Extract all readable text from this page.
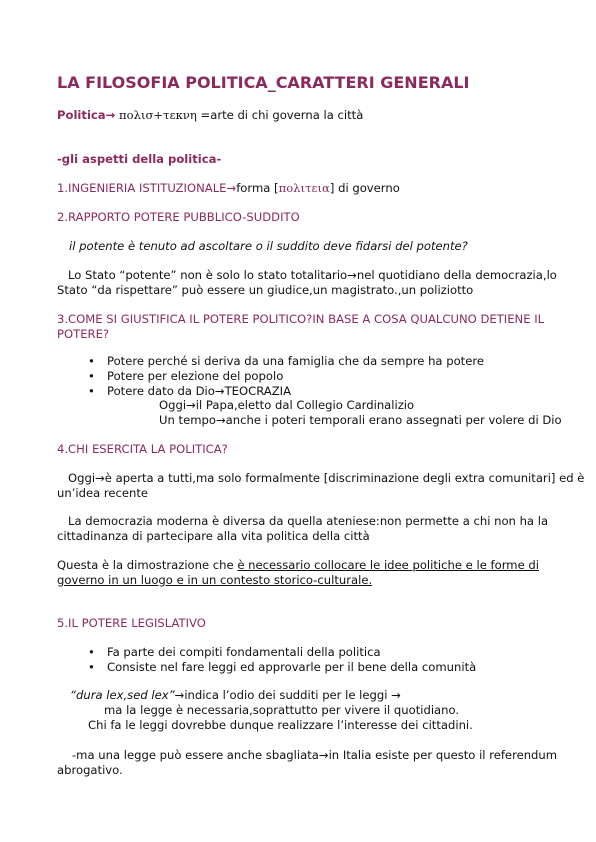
LA FILOSOFIA POLITICA_CARATTERI GENERALI
Politica→ πολισ+τεκνη =arte di chi governa la città
-gli aspetti della politica-
1.INGENIERIA ISTITUZIONALE→forma [πολιτεια] di governo
2.RAPPORTO POTERE PUBBLICO-SUDDITO
il potente è tenuto ad ascoltare o il suddito deve fidarsi del potente?
Lo Stato “potente” non è solo lo stato totalitario→nel quotidiano della democrazia,lo
Stato “da rispettare” può essere un giudice,un magistrato.,un poliziotto
3.COME SI GIUSTIFICA IL POTERE POLITICO?IN BASE A COSA QUALCUNO DETIENE IL
POTERE?
• Potere perché si deriva da una famiglia che da sempre ha potere
• Potere per elezione del popolo
• Potere dato da Dio→TEOCRAZIA
Oggi→il Papa,eletto dal Collegio Cardinalizio
Un tempo→anche i poteri temporali erano assegnati per volere di Dio
4.CHI ESERCITA LA POLITICA?
Oggi→è aperta a tutti,ma solo formalmente [discriminazione degli extra comunitari] ed è
un’idea recente
La democrazia moderna è diversa da quella ateniese:non permette a chi non ha la
cittadinanza di partecipare alla vita politica della città
Questa è la dimostrazione che è necessario collocare le idee politiche e le forme di
governo in un luogo e in un contesto storico-culturale.
5.IL POTERE LEGISLATIVO
• Fa parte dei compiti fondamentali della politica
• Consiste nel fare leggi ed approvarle per il bene della comunità
“dura lex,sed lex”→indica l’odio dei sudditi per le leggi →
ma la legge è necessaria,soprattutto per vivere il quotidiano.
Chi fa le leggi dovrebbe dunque realizzare l’interesse dei cittadini.
-ma una legge può essere anche sbagliata→in Italia esiste per questo il referendum
abrogativo.
